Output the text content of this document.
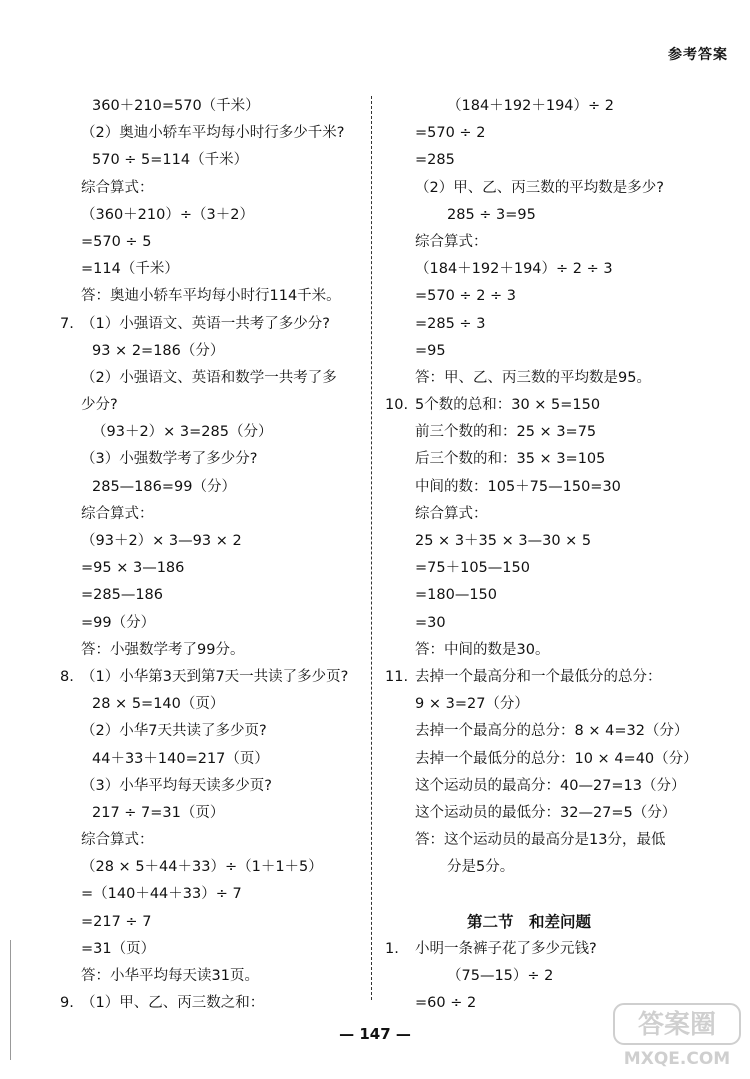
参考答案
360＋210=570（千米）
（2）奥迪小轿车平均每小时行多少千米?
570 ÷ 5=114（千米）
综合算式：
（360＋210）÷（3＋2）
=570 ÷ 5
=114（千米）
答：奥迪小轿车平均每小时行114千米。
7. （1）小强语文、英语一共考了多少分?
93 × 2=186（分）
（2）小强语文、英语和数学一共考了多
少分?
（93＋2）× 3=285（分）
（3）小强数学考了多少分?
285—186=99（分）
综合算式：
（93＋2）× 3—93 × 2
=95 × 3—186
=285—186
=99（分）
答：小强数学考了99分。
8. （1）小华第3天到第7天一共读了多少页?
28 × 5=140（页）
（2）小华7天共读了多少页?
44＋33＋140=217（页）
（3）小华平均每天读多少页?
217 ÷ 7=31（页）
综合算式：
（28 × 5＋44＋33）÷（1＋1＋5）
=（140＋44＋33）÷ 7
=217 ÷ 7
=31（页）
答：小华平均每天读31页。
9. （1）甲、乙、丙三数之和：
（184＋192＋194）÷ 2
=570 ÷ 2
=285
（2）甲、乙、丙三数的平均数是多少?
285 ÷ 3=95
综合算式：
（184＋192＋194）÷ 2 ÷ 3
=570 ÷ 2 ÷ 3
=285 ÷ 3
=95
答：甲、乙、丙三数的平均数是95。
10. 5个数的总和：30 × 5=150
前三个数的和：25 × 3=75
后三个数的和：35 × 3=105
中间的数：105＋75—150=30
综合算式：
25 × 3＋35 × 3—30 × 5
=75＋105—150
=180—150
=30
答：中间的数是30。
11. 去掉一个最高分和一个最低分的总分：
9 × 3=27（分）
去掉一个最高分的总分：8 × 4=32（分）
去掉一个最低分的总分：10 × 4=40（分）
这个运动员的最高分：40—27=13（分）
这个运动员的最低分：32—27=5（分）
答：这个运动员的最高分是13分，最低
分是5分。
第二节　和差问题
1. 小明一条裤子花了多少元钱?
（75—15）÷ 2
=60 ÷ 2
— 147 —	答案圈
MXQE.COM
